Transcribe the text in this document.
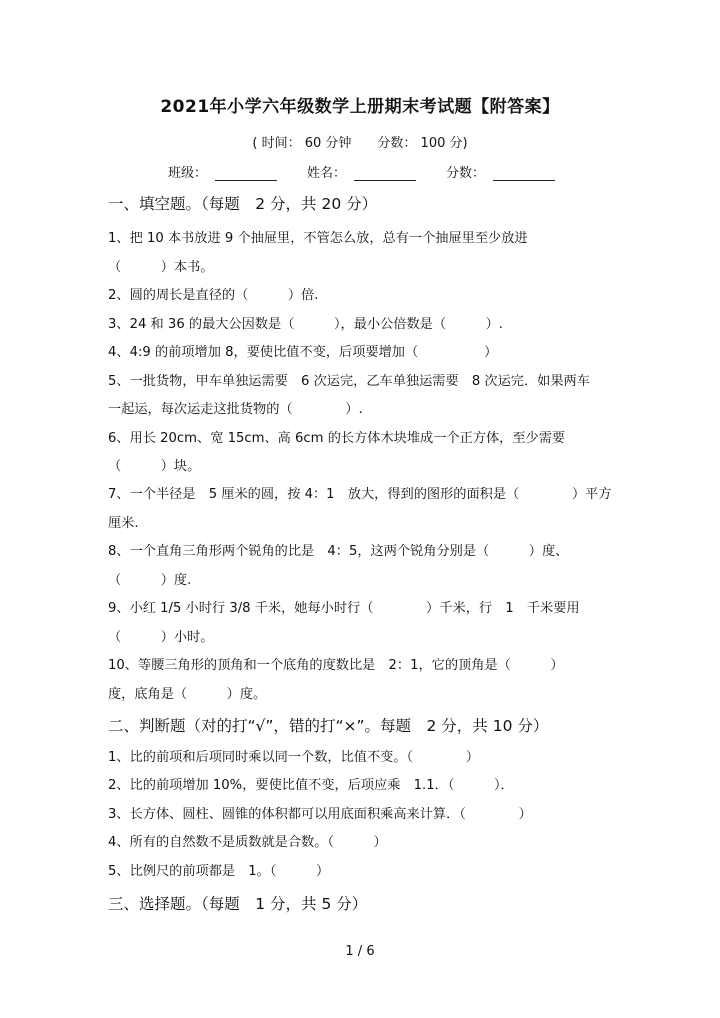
2021年小学六年级数学上册期末考试题【附答案】
( 时间： 60 分钟　　分数： 100 分)
班级：	姓名：	分数：
一、填空题。（每题　2 分，共 20 分）
1、把 10 本书放进 9 个抽屉里，不管怎么放，总有一个抽屉里至少放进
（　　　）本书。
2、圆的周长是直径的（　　　）倍.
3、24 和 36 的最大公因数是（　　　），最小公倍数是（　　　）.
4、4:9 的前项增加 8，要使比值不变，后项要增加（　　　　　）
5、一批货物，甲车单独运需要　6 次运完，乙车单独运需要　8 次运完．如果两车
一起运，每次运走这批货物的（　　　　）.
6、用长 20cm、宽 15cm、高 6cm 的长方体木块堆成一个正方体，至少需要
（　　　）块。
7、一个半径是　5 厘米的圆，按 4：1　放大，得到的图形的面积是（　　　　）平方
厘米.
8、一个直角三角形两个锐角的比是　4：5，这两个锐角分别是（　　　）度、
（　　　）度.
9、小红 1/5 小时行 3/8 千米，她每小时行（　　　　）千米，行　1　千米要用
（　　　）小时。
10、等腰三角形的顶角和一个底角的度数比是　2：1，它的顶角是（　　　）
度，底角是（　　　）度。
二、判断题（对的打“√”，错的打“×”。每题　2 分，共 10 分）
1、比的前项和后项同时乘以同一个数，比值不变。（　　　　）
2、比的前项增加 10%，要使比值不变，后项应乘　1.1．（　　　）．
3、长方体、圆柱、圆锥的体积都可以用底面积乘高来计算．（　　　　）
4、所有的自然数不是质数就是合数。（　　　）
5、比例尺的前项都是　1。（　　　）
三、选择题。（每题　1 分，共 5 分）
1 / 6
